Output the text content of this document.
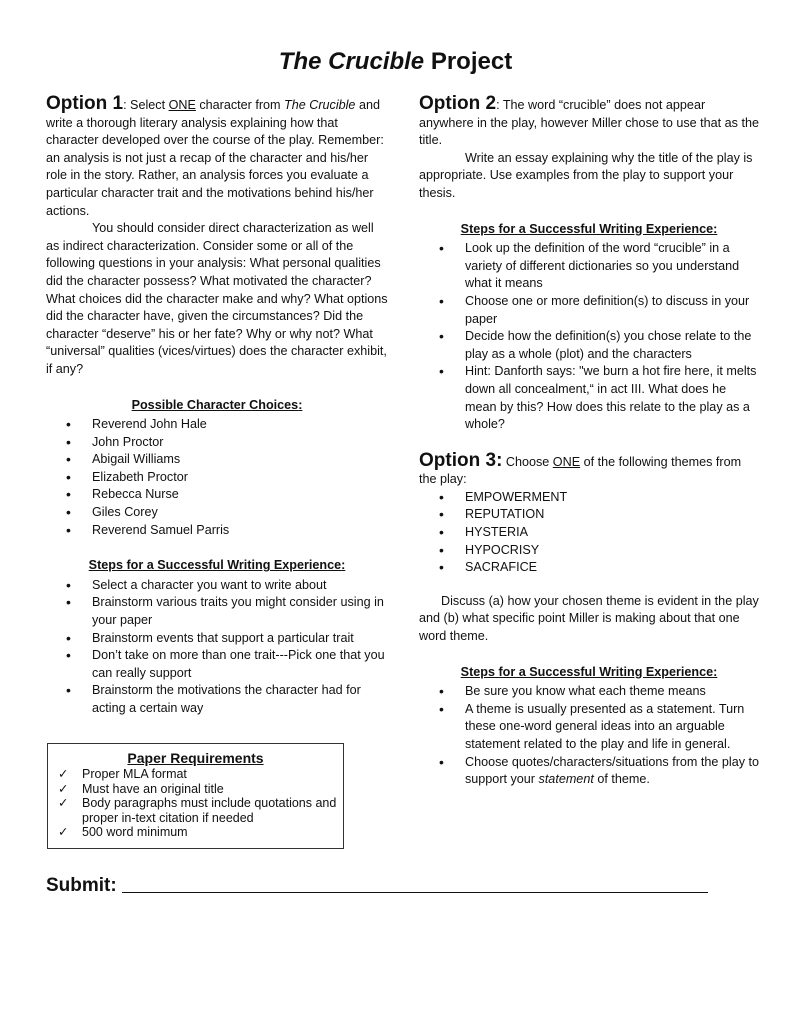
The Crucible Project

Option 1: Select ONE character from The Crucible and write a thorough literary analysis explaining how that character developed over the course of the play. Remember: an analysis is not just a recap of the character and his/her role in the story. Rather, an analysis forces you evaluate a particular character trait and the motivations behind his/her actions.

You should consider direct characterization as well as indirect characterization. Consider some or all of the following questions in your analysis: What personal qualities did the character possess? What motivated the character? What choices did the character make and why? What options did the character have, given the circumstances? Did the character “deserve” his or her fate? Why or why not? What “universal” qualities (vices/virtues) does the character exhibit, if any?

Possible Character Choices:

• Reverend John Hale
• John Proctor
• Abigail Williams
• Elizabeth Proctor
• Rebecca Nurse
• Giles Corey
• Reverend Samuel Parris

Steps for a Successful Writing Experience:

• Select a character you want to write about
• Brainstorm various traits you might consider using in your paper
• Brainstorm events that support a particular trait
• Don’t take on more than one trait---Pick one that you can really support
• Brainstorm the motivations the character had for acting a certain way
Paper Requirements
✓ Proper MLA format
✓ Must have an original title
✓ Body paragraphs must include quotations and proper in-text citation if needed
✓ 500 word minimum

Option 2: The word “crucible” does not appear anywhere in the play, however Miller chose to use that as the title.

Write an essay explaining why the title of the play is appropriate. Use examples from the play to support your thesis.

Steps for a Successful Writing Experience:

• Look up the definition of the word “crucible” in a variety of different dictionaries so you understand what it means
• Choose one or more definition(s) to discuss in your paper
• Decide how the definition(s) you chose relate to the play as a whole (plot) and the characters
• Hint: Danforth says: "we burn a hot fire here, it melts down all concealment,“ in act III. What does he mean by this? How does this relate to the play as a whole?

Option 3: Choose ONE of the following themes from the play:

• EMPOWERMENT
• REPUTATION
• HYSTERIA
• HYPOCRISY
• SACRAFICE

Discuss (a) how your chosen theme is evident in the play and (b) what specific point Miller is making about that one word theme.

Steps for a Successful Writing Experience:

• Be sure you know what each theme means
• A theme is usually presented as a statement. Turn these one-word general ideas into an arguable statement related to the play and life in general.
• Choose quotes/characters/situations from the play to support your statement of theme.
Submit:
